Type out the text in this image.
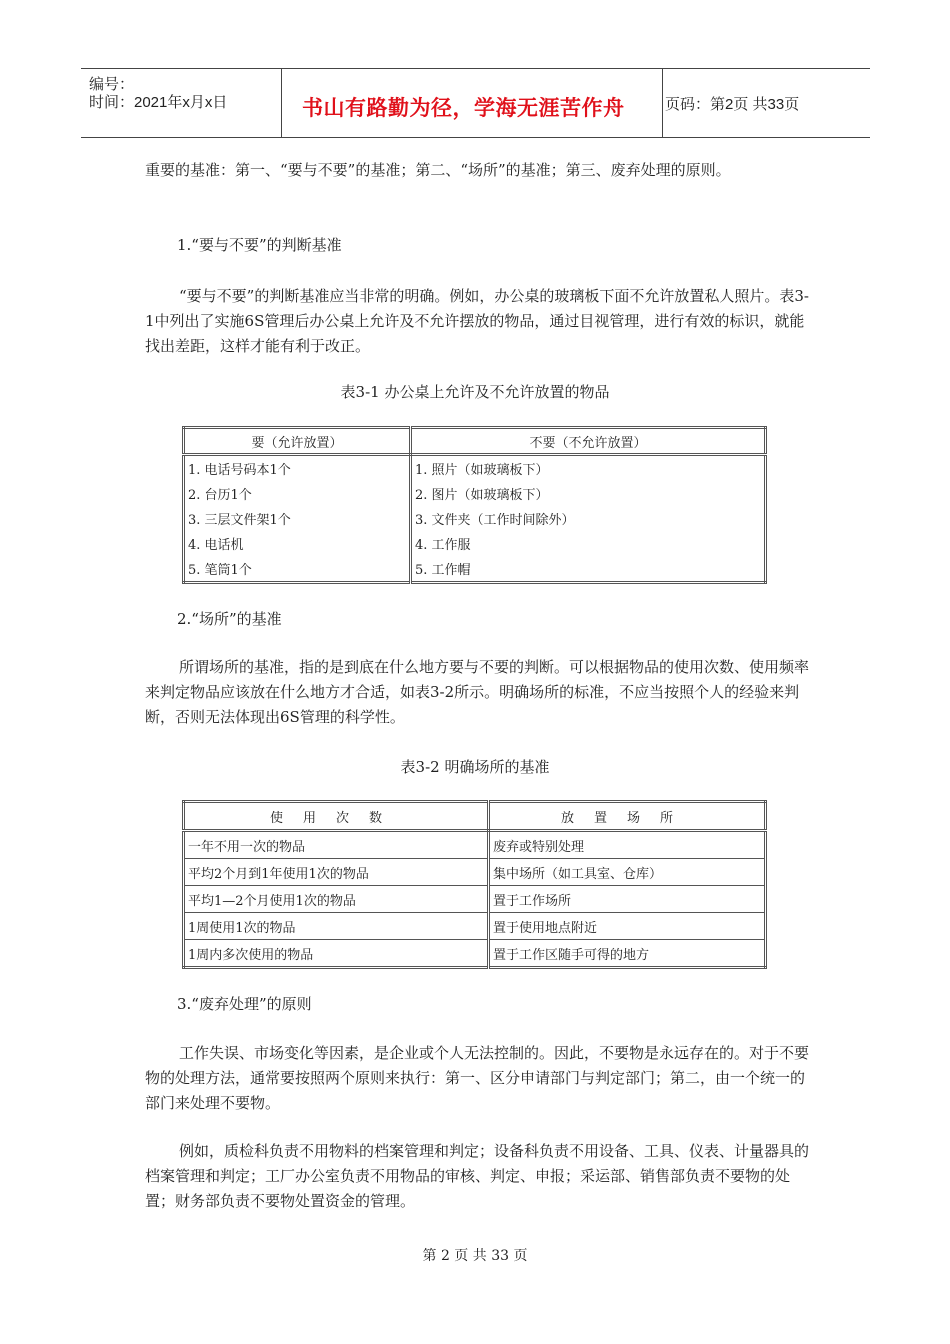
编号：
时间：2021年x月x日	书山有路勤为径，学海无涯苦作舟	页码：第2页 共33页
重要的基准：第一、“要与不要”的基准；第二、“场所”的基准；第三、废弃处理的原则。
1.“要与不要”的判断基准
“要与不要”的判断基准应当非常的明确。例如，办公桌的玻璃板下面不允许放置私人照片。表3-1中列出了实施6S管理后办公桌上允许及不允许摆放的物品，通过目视管理，进行有效的标识，就能找出差距，这样才能有利于改正。
表3-1 办公桌上允许及不允许放置的物品
要（允许放置）	不要（不允许放置）
1. 电话号码本1个	1. 照片（如玻璃板下）
2. 台历1个	2. 图片（如玻璃板下）
3. 三层文件架1个	3. 文件夹（工作时间除外）
4. 电话机	4. 工作服
5. 笔筒1个	5. 工作帽
2.“场所”的基准
所谓场所的基准，指的是到底在什么地方要与不要的判断。可以根据物品的使用次数、使用频率来判定物品应该放在什么地方才合适，如表3-2所示。明确场所的标准，不应当按照个人的经验来判断，否则无法体现出6S管理的科学性。
表3-2 明确场所的基准
使用次数	放置场所
一年不用一次的物品	废弃或特别处理
平均2个月到1年使用1次的物品	集中场所（如工具室、仓库）
平均1—2个月使用1次的物品	置于工作场所
1周使用1次的物品	置于使用地点附近
1周内多次使用的物品	置于工作区随手可得的地方
3.“废弃处理”的原则
工作失误、市场变化等因素，是企业或个人无法控制的。因此，不要物是永远存在的。对于不要物的处理方法，通常要按照两个原则来执行：第一、区分申请部门与判定部门；第二，由一个统一的部门来处理不要物。
例如，质检科负责不用物料的档案管理和判定；设备科负责不用设备、工具、仪表、计量器具的档案管理和判定；工厂办公室负责不用物品的审核、判定、申报；采运部、销售部负责不要物的处置；财务部负责不要物处置资金的管理。
第 2 页 共 33 页
